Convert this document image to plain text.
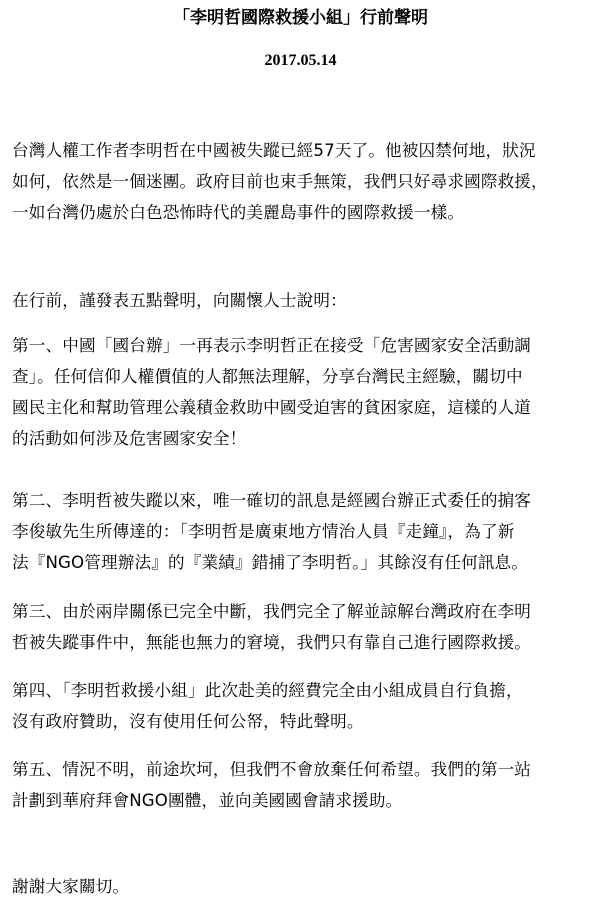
「李明哲國際救援小組」行前聲明
2017.05.14

台灣人權工作者李明哲在中國被失蹤已經57天了。他被囚禁何地，狀況
如何，依然是一個迷團。政府目前也束手無策，我們只好尋求國際救援，
一如台灣仍處於白色恐怖時代的美麗島事件的國際救援一樣。

在行前，謹發表五點聲明，向關懷人士說明：

第一、中國「國台辦」一再表示李明哲正在接受「危害國家安全活動調
查」。任何信仰人權價值的人都無法理解，分享台灣民主經驗，關切中
國民主化和幫助管理公義積金救助中國受迫害的貧困家庭，這樣的人道
的活動如何涉及危害國家安全！

第二、李明哲被失蹤以來，唯一確切的訊息是經國台辦正式委任的掮客
李俊敏先生所傳達的：「李明哲是廣東地方情治人員『走鐘』，為了新
法『NGO管理辦法』的『業績』錯捕了李明哲。」其餘沒有任何訊息。

第三、由於兩岸關係已完全中斷，我們完全了解並諒解台灣政府在李明
哲被失蹤事件中，無能也無力的窘境，我們只有靠自己進行國際救援。

第四、「李明哲救援小組」此次赴美的經費完全由小組成員自行負擔，
沒有政府贊助，沒有使用任何公帑，特此聲明。

第五、情況不明，前途坎坷，但我們不會放棄任何希望。我們的第一站
計劃到華府拜會NGO團體，並向美國國會請求援助。

謝謝大家關切。
